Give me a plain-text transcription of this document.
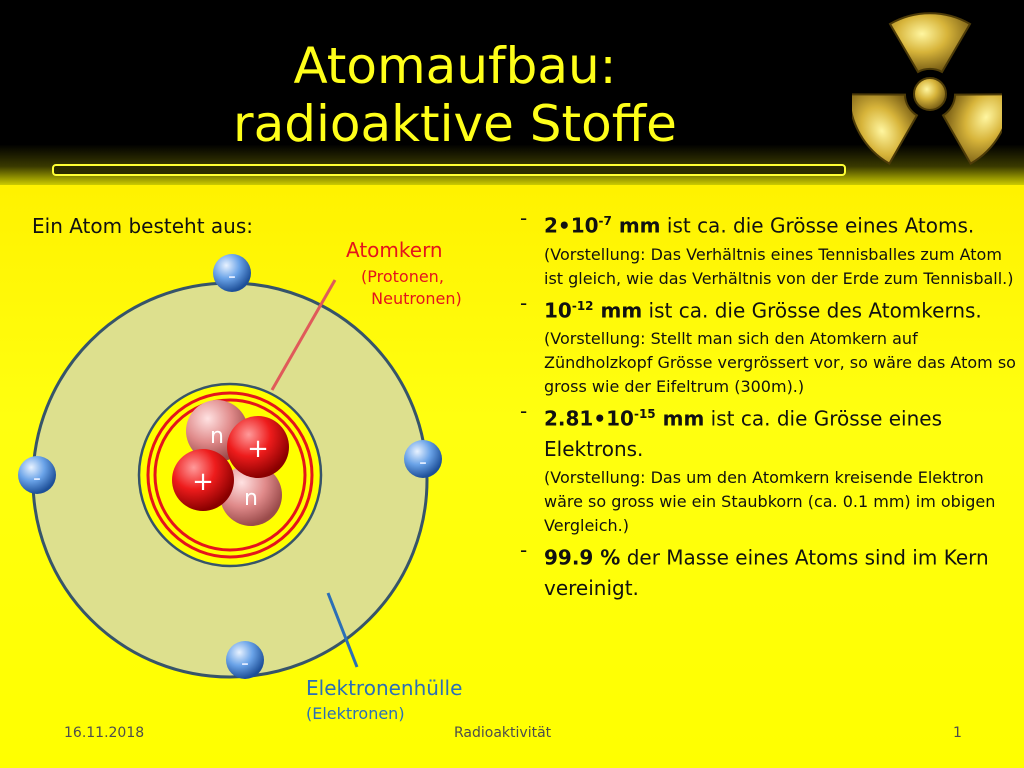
Atomaufbau:
radioaktive Stoffe
-
-
-
-
n
n
+
+
Ein Atom besteht aus:
Atomkern
(Protonen,
Neutronen)
Elektronenhülle
(Elektronen)
- $2•10^{-7}$ mm ist ca. die Grösse eines Atoms.
(Vorstellung: Das Verhältnis eines Tennisballes zum Atom ist gleich, wie das Verhältnis von der Erde zum Tennisball.)
- $10^{-12}$ mm ist ca. die Grösse des Atomkerns.
(Vorstellung: Stellt man sich den Atomkern auf Zündholzkopf Grösse vergrössert vor, so wäre das Atom so gross wie der Eifeltrum (300m).)
- $2.81•10^{-15}$ mm ist ca. die Grösse eines Elektrons.
(Vorstellung: Das um den Atomkern kreisende Elektron wäre so gross wie ein Staubkorn (ca. 0.1 mm) im obigen Vergleich.)
- 99.9 % der Masse eines Atoms sind im Kern vereinigt.
16.11.2018	Radioaktivität	1
